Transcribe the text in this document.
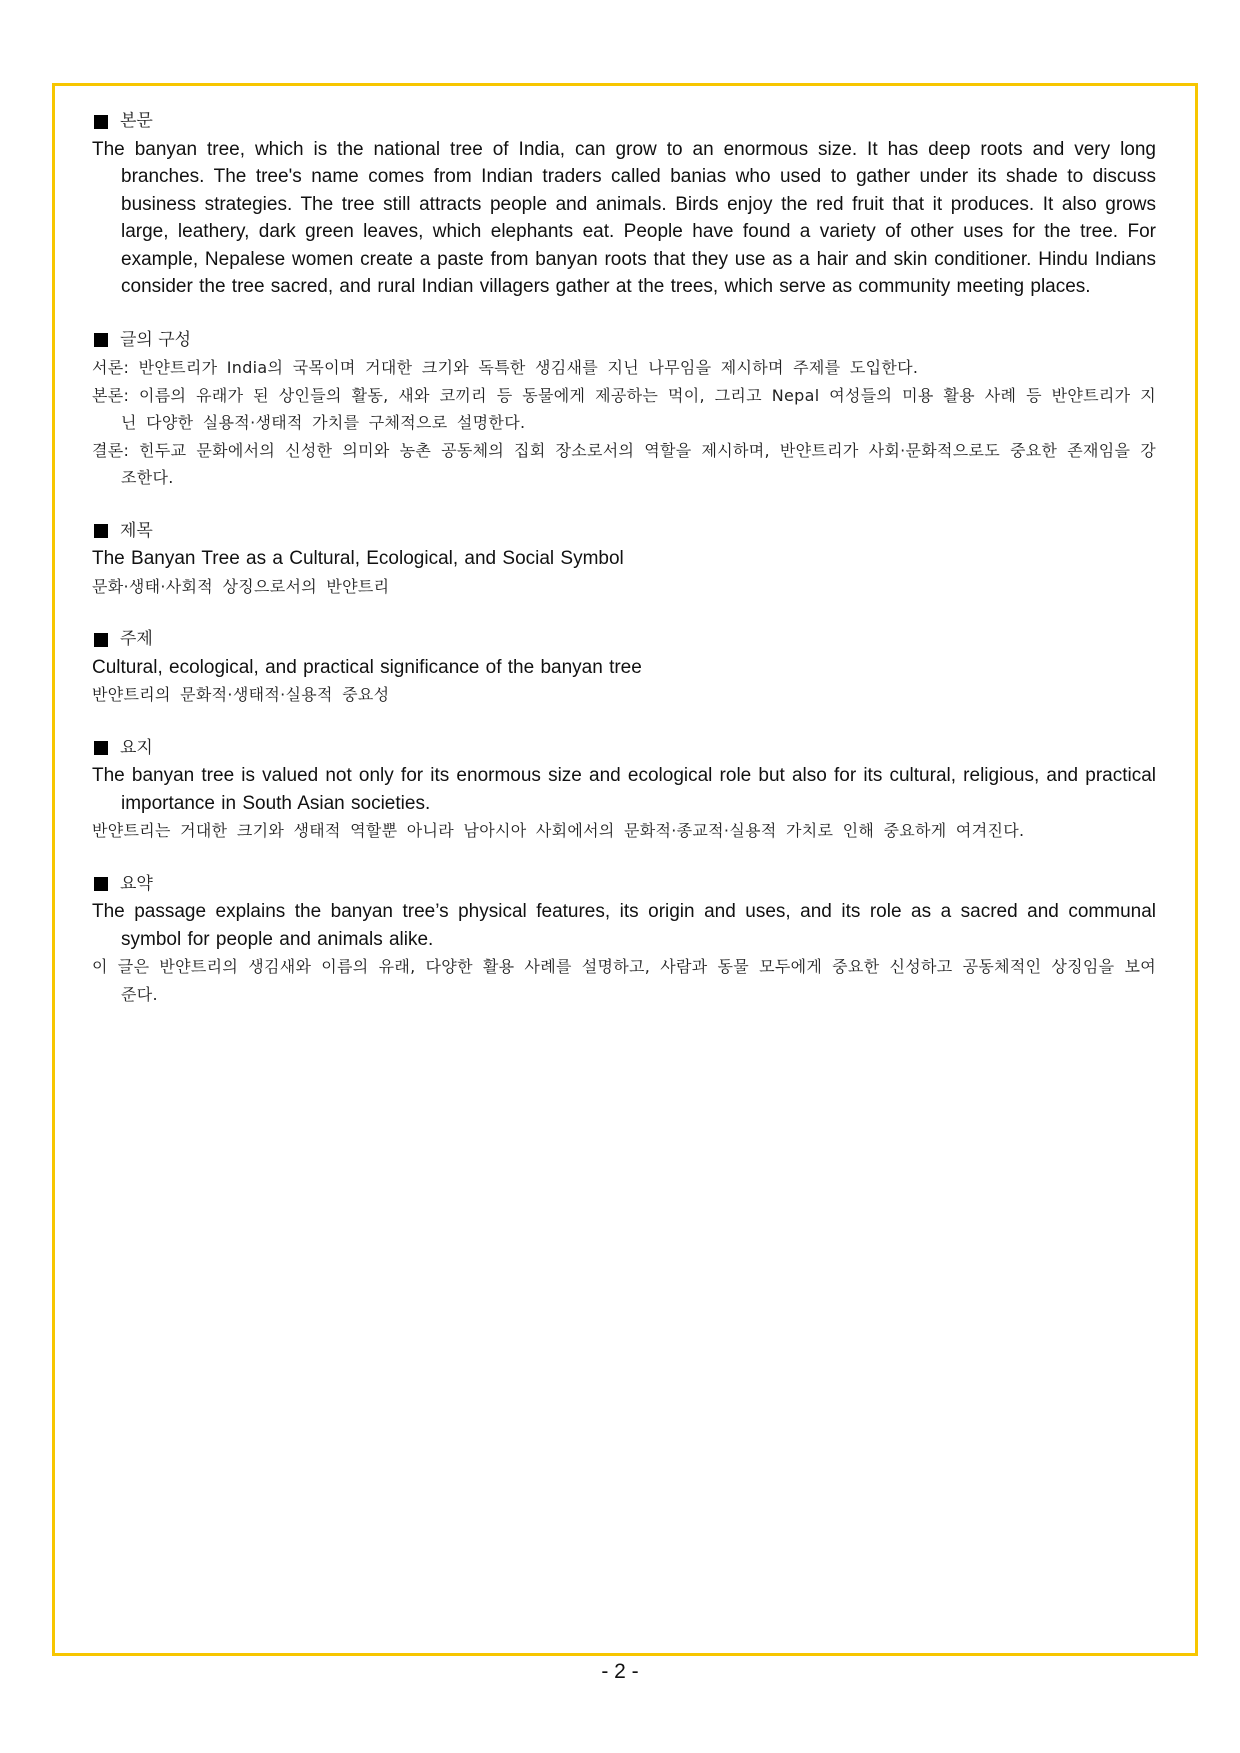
본문
The banyan tree, which is the national tree of India, can grow to an enormous size. It has deep roots and very long branches. The tree's name comes from Indian traders called banias who used to gather under its shade to discuss business strategies. The tree still attracts people and animals. Birds enjoy the red fruit that it produces. It also grows large, leathery, dark green leaves, which elephants eat. People have found a variety of other uses for the tree. For example, Nepalese women create a paste from banyan roots that they use as a hair and skin conditioner. Hindu Indians consider the tree sacred, and rural Indian villagers gather at the trees, which serve as community meeting places.
글의 구성
서론: 반얀트리가 India의 국목이며 거대한 크기와 독특한 생김새를 지닌 나무임을 제시하며 주제를 도입한다.
본론: 이름의 유래가 된 상인들의 활동, 새와 코끼리 등 동물에게 제공하는 먹이, 그리고 Nepal 여성들의 미용 활용 사례 등 반얀트리가 지닌 다양한 실용적·생태적 가치를 구체적으로 설명한다.
결론: 힌두교 문화에서의 신성한 의미와 농촌 공동체의 집회 장소로서의 역할을 제시하며, 반얀트리가 사회·문화적으로도 중요한 존재임을 강조한다.
제목
The Banyan Tree as a Cultural, Ecological, and Social Symbol
문화·생태·사회적 상징으로서의 반얀트리
주제
Cultural, ecological, and practical significance of the banyan tree
반얀트리의 문화적·생태적·실용적 중요성
요지
The banyan tree is valued not only for its enormous size and ecological role but also for its cultural, religious, and practical importance in South Asian societies.
반얀트리는 거대한 크기와 생태적 역할뿐 아니라 남아시아 사회에서의 문화적·종교적·실용적 가치로 인해 중요하게 여겨진다.
요약
The passage explains the banyan tree’s physical features, its origin and uses, and its role as a sacred and communal symbol for people and animals alike.
이 글은 반얀트리의 생김새와 이름의 유래, 다양한 활용 사례를 설명하고, 사람과 동물 모두에게 중요한 신성하고 공동체적인 상징임을 보여준다.
- 2 -
